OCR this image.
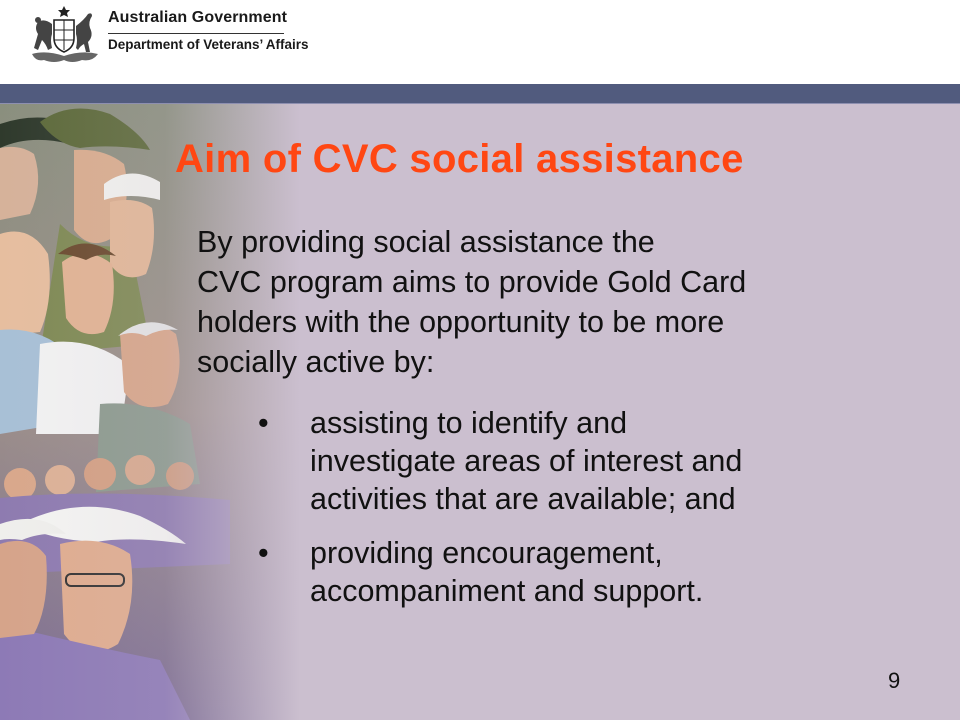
Australian Government
Department of Veterans’ Affairs
Aim of CVC social assistance

By providing social assistance the
CVC program aims to provide Gold Card
holders with the opportunity to be more
socially active by:

• assisting to identify and
investigate areas of interest and
activities that are available; and
• providing encouragement,
accompaniment and support.
9
